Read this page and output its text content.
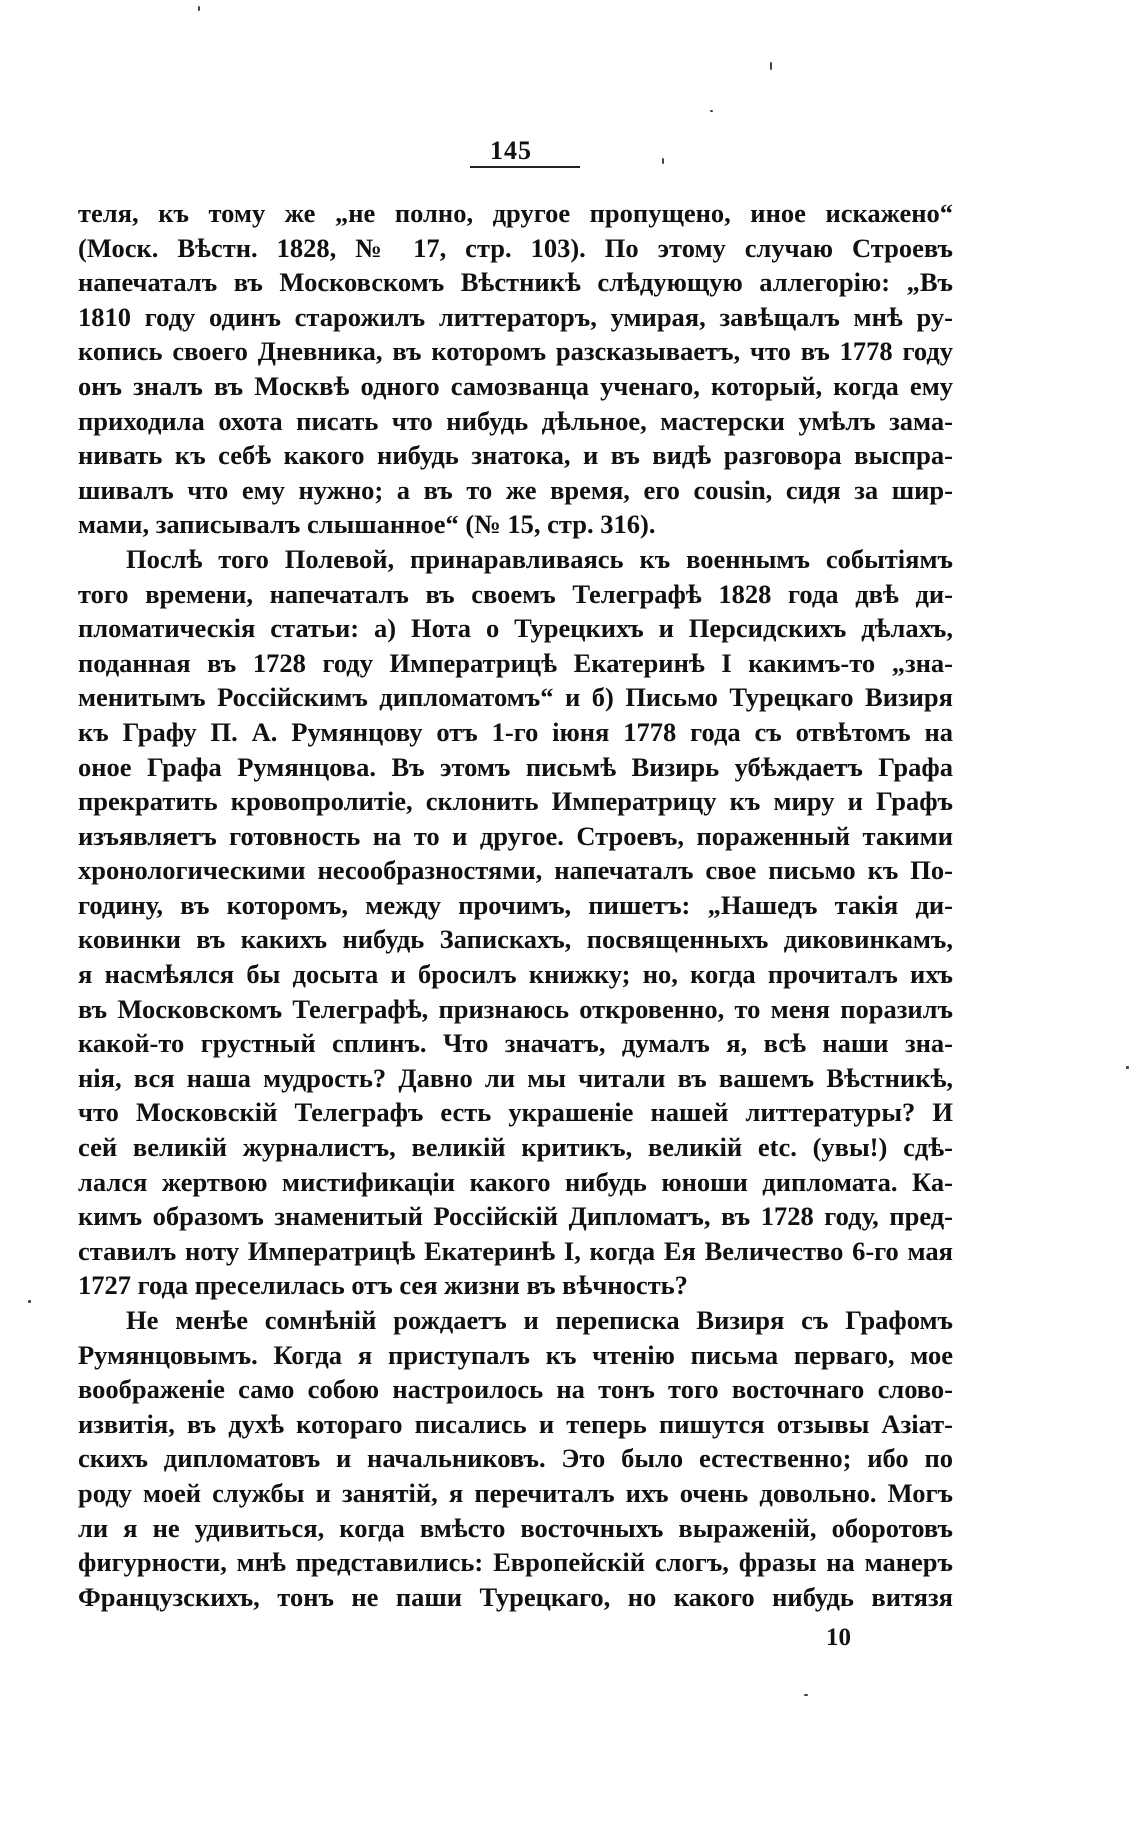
145
теля, къ тому же „не полно, другое пропущено, иное искажено“
(Моск. Вѣстн. 1828, № 17, стр. 103). По этому случаю Строевъ
напечаталъ въ Московскомъ Вѣстникѣ слѣдующую аллегорію: „Въ
1810 году одинъ старожилъ литтераторъ, умирая, завѣщалъ мнѣ ру-
копись своего Дневника, въ которомъ разсказываетъ, что въ 1778 году
онъ зналъ въ Москвѣ одного самозванца ученаго, который, когда ему
приходила охота писать что нибудь дѣльное, мастерски умѣлъ зама-
нивать къ себѣ какого нибудь знатока, и въ видѣ разговора выспра-
шивалъ что ему нужно; а въ то же время, его cousin, сидя за шир-
мами, записывалъ слышанное“ (№ 15, стр. 316).
Послѣ того Полевой, принаравливаясь къ военнымъ событіямъ
того времени, напечаталъ въ своемъ Телеграфѣ 1828 года двѣ ди-
пломатическія статьи: а) Нота о Турецкихъ и Персидскихъ дѣлахъ,
поданная въ 1728 году Императрицѣ Екатеринѣ I какимъ-то „зна-
менитымъ Россійскимъ дипломатомъ“ и б) Письмо Турецкаго Визиря
къ Графу П. А. Румянцову отъ 1-го іюня 1778 года съ отвѣтомъ на
оное Графа Румянцова. Въ этомъ письмѣ Визирь убѣждаетъ Графа
прекратить кровопролитіе, склонить Императрицу къ миру и Графъ
изъявляетъ готовность на то и другое. Строевъ, пораженный такими
хронологическими несообразностями, напечаталъ свое письмо къ По-
годину, въ которомъ, между прочимъ, пишетъ: „Нашедъ такія ди-
ковинки въ какихъ нибудь Запискахъ, посвященныхъ диковинкамъ,
я насмѣялся бы досыта и бросилъ книжку; но, когда прочиталъ ихъ
въ Московскомъ Телеграфѣ, признаюсь откровенно, то меня поразилъ
какой-то грустный сплинъ. Что значатъ, думалъ я, всѣ наши зна-
нія, вся наша мудрость? Давно ли мы читали въ вашемъ Вѣстникѣ,
что Московскій Телеграфъ есть украшеніе нашей литтературы? И
сей великій журналистъ, великій критикъ, великій etc. (увы!) сдѣ-
лался жертвою мистификаціи какого нибудь юноши дипломата. Ка-
кимъ образомъ знаменитый Россійскій Дипломатъ, въ 1728 году, пред-
ставилъ ноту Императрицѣ Екатеринѣ I, когда Ея Величество 6-го мая
1727 года преселилась отъ сея жизни въ вѣчность?
Не менѣе сомнѣній рождаетъ и переписка Визиря съ Графомъ
Румянцовымъ. Когда я приступалъ къ чтенію письма перваго, мое
воображеніе само собою настроилось на тонъ того восточнаго слово-
извитія, въ духѣ котораго писались и теперь пишутся отзывы Азіат-
скихъ дипломатовъ и начальниковъ. Это было естественно; ибо по
роду моей службы и занятій, я перечиталъ ихъ очень довольно. Могъ
ли я не удивиться, когда вмѣсто восточныхъ выраженій, оборотовъ
фигурности, мнѣ представились: Европейскій слогъ, фразы на манеръ
Французскихъ, тонъ не паши Турецкаго, но какого нибудь витязя
10
